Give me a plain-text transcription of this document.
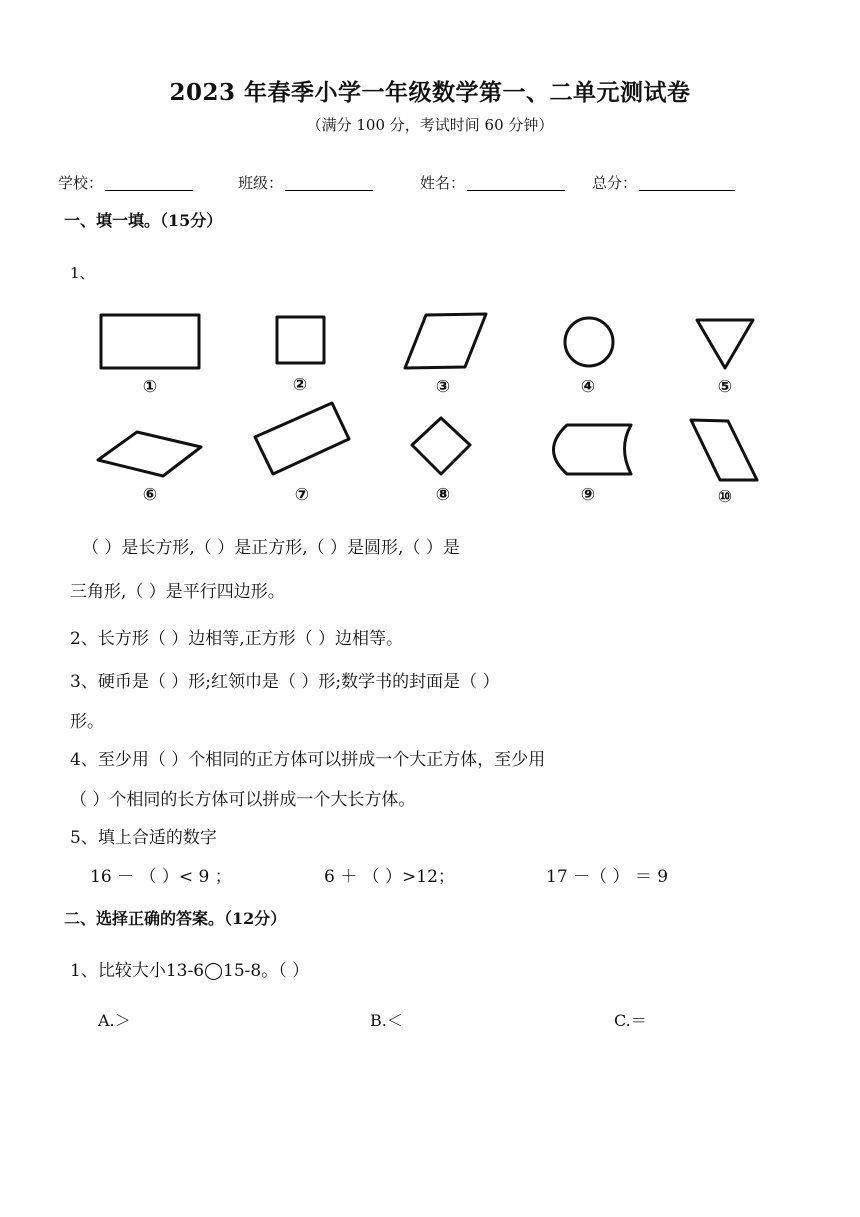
2023 年春季小学一年级数学第一、二单元测试卷
（满分 100 分，考试时间 60 分钟）
学校：	班级：	姓名：	总分：
一、填一填。（15分）
1、
①	②	③	④	⑤
⑥	⑦	⑧	⑨	⑩
（ ）是长方形,（ ）是正方形,（ ）是圆形,（ ）是
三角形,（ ）是平行四边形。
2、长方形（ ）边相等,正方形（ ）边相等。
3、硬币是（ ）形;红领巾是（ ）形;数学书的封面是（ ）
形。
4、至少用（ ）个相同的正方体可以拼成一个大正方体，至少用
（ ）个相同的长方体可以拼成一个大长方体。
5、填上合适的数字
16 － （ ）< 9 ；	6 ＋ （ ）>12；	17 －（ ） ＝ 9
二、选择正确的答案。（12分）
1、比较大小13-6◯15-8。（ ）
A.＞	B.＜	C.＝
